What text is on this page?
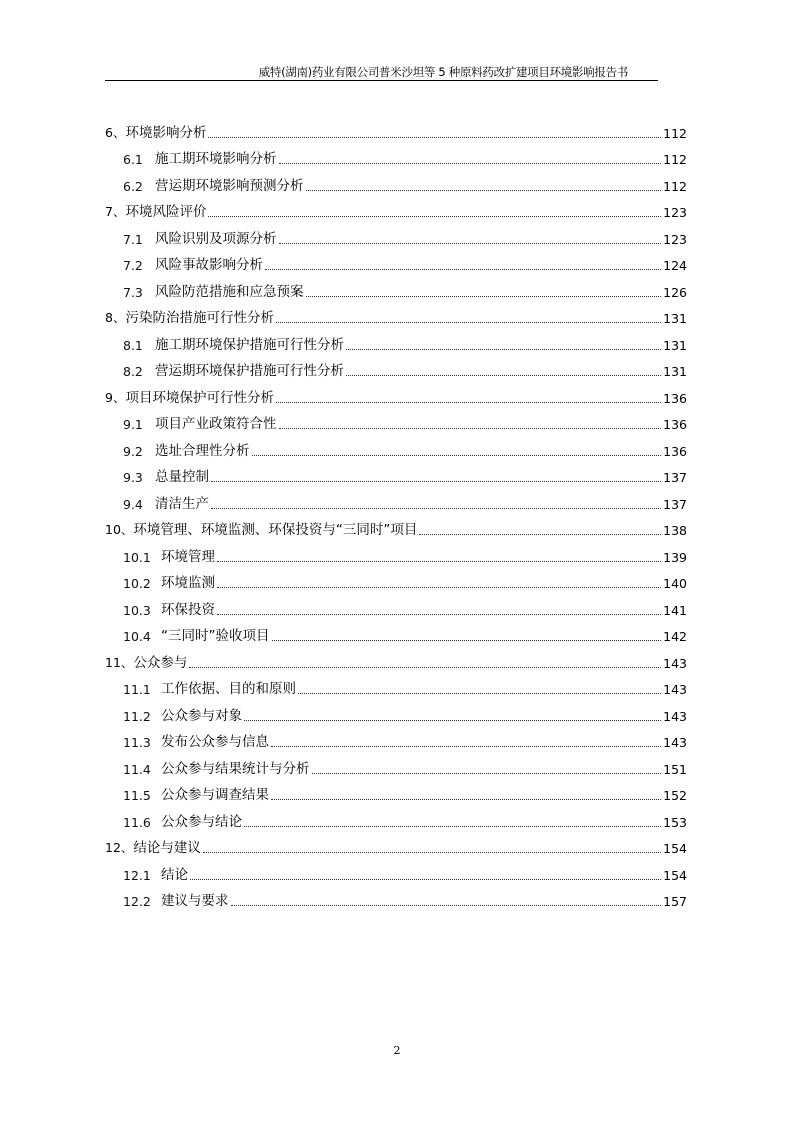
威特(湖南)药业有限公司普米沙坦等 5 种原料药改扩建项目环境影响报告书
6、 环境影响分析	112
6.1 施工期环境影响分析	112
6.2 营运期环境影响预测分析	112
7、 环境风险评价	123
7.1 风险识别及项源分析	123
7.2 风险事故影响分析	124
7.3 风险防范措施和应急预案	126
8、 污染防治措施可行性分析	131
8.1 施工期环境保护措施可行性分析	131
8.2 营运期环境保护措施可行性分析	131
9、 项目环境保护可行性分析	136
9.1 项目产业政策符合性	136
9.2 选址合理性分析	136
9.3 总量控制	137
9.4 清洁生产	137
10、 环境管理、环境监测、环保投资与“三同时”项目	138
10.1 环境管理	139
10.2 环境监测	140
10.3 环保投资	141
10.4 “三同时”验收项目	142
11、 公众参与	143
11.1 工作依据、目的和原则	143
11.2 公众参与对象	143
11.3 发布公众参与信息	143
11.4 公众参与结果统计与分析	151
11.5 公众参与调查结果	152
11.6 公众参与结论	153
12、 结论与建议	154
12.1 结论	154
12.2 建议与要求	157
2
